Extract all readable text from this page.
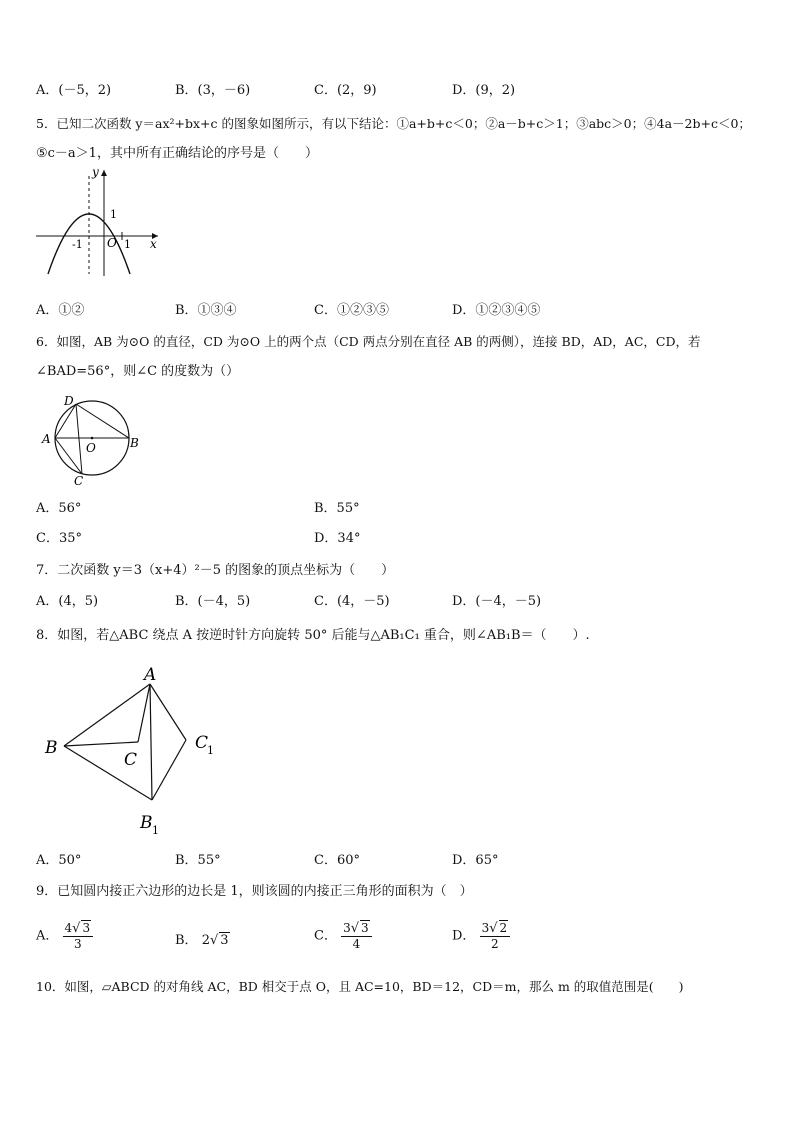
A．(－5，2)	B．(3，－6)	C．(2，9)	D．(9，2)
5．已知二次函数 y＝ax²+bx+c 的图象如图所示，有以下结论：①a+b+c＜0；②a－b+c＞1；③abc＞0；④4a－2b+c＜0；
⑤c－a＞1，其中所有正确结论的序号是（　　）
y
x
O
-1	1
1
A．①②	B．①③④	C．①②③⑤	D．①②③④⑤
6．如图，AB 为⊙O 的直径，CD 为⊙O 上的两个点（CD 两点分别在直径 AB 的两侧），连接 BD，AD，AC，CD，若
∠BAD=56°，则∠C 的度数为（）
A	B
C
D
O
A．56°	B．55°
C．35°	D．34°
7．二次函数 y＝3（x+4）²－5 的图象的顶点坐标为（　　）
A．(4，5)	B．(－4，5)	C．(4，－5)	D．(－4，－5)
8．如图，若△ABC 绕点 A 按逆时针方向旋转 50° 后能与△AB₁C₁ 重合，则∠AB₁B＝（　　）.
A
B
C
C
1
B 1
A．50°	B．55°	C．60°	D．65°
9．已知圆内接正六边形的边长是 1，则该圆的内接正三角形的面积为（　）
A． $\frac{4√ 3}{3}$	B． 2√ 3	C． $\frac{3√ 3}{4}$	D． $\frac{3√ 2}{2}$
10．如图，▱ABCD 的对角线 AC，BD 相交于点 O，且 AC=10，BD＝12，CD＝m，那么 m 的取值范围是(　　)
